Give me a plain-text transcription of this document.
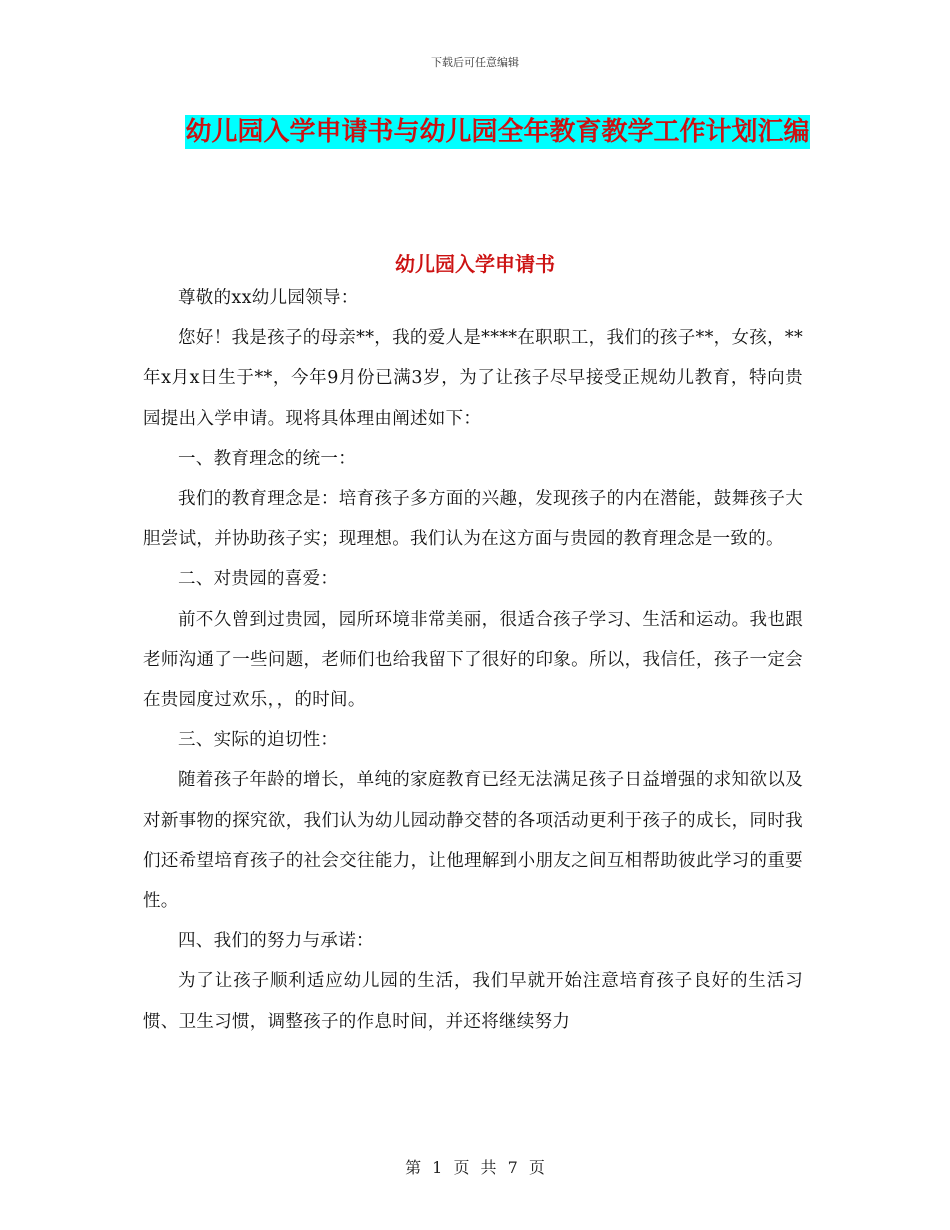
下载后可任意编辑
幼儿园入学申请书与幼儿园全年教育教学工作计划汇编
幼儿园入学申请书

尊敬的xx幼儿园领导：

您好！我是孩子的母亲**，我的爱人是****在职职工，我们的孩子**，女孩，**年x月x日生于**，今年9月份已满3岁，为了让孩子尽早接受正规幼儿教育，特向贵园提出入学申请。现将具体理由阐述如下：

一、教育理念的统一：

我们的教育理念是：培育孩子多方面的兴趣，发现孩子的内在潜能，鼓舞孩子大胆尝试，并协助孩子实；现理想。我们认为在这方面与贵园的教育理念是一致的。

二、对贵园的喜爱：

前不久曾到过贵园，园所环境非常美丽，很适合孩子学习、生活和运动。我也跟老师沟通了一些问题，老师们也给我留下了很好的印象。所以，我信任，孩子一定会在贵园度过欢乐，，的时间。

三、实际的迫切性：

随着孩子年龄的增长，单纯的家庭教育已经无法满足孩子日益增强的求知欲以及对新事物的探究欲，我们认为幼儿园动静交替的各项活动更利于孩子的成长，同时我们还希望培育孩子的社会交往能力，让他理解到小朋友之间互相帮助彼此学习的重要性。

四、我们的努力与承诺：

为了让孩子顺利适应幼儿园的生活，我们早就开始注意培育孩子良好的生活习惯、卫生习惯，调整孩子的作息时间，并还将继续努力

第 1 页 共 7 页
